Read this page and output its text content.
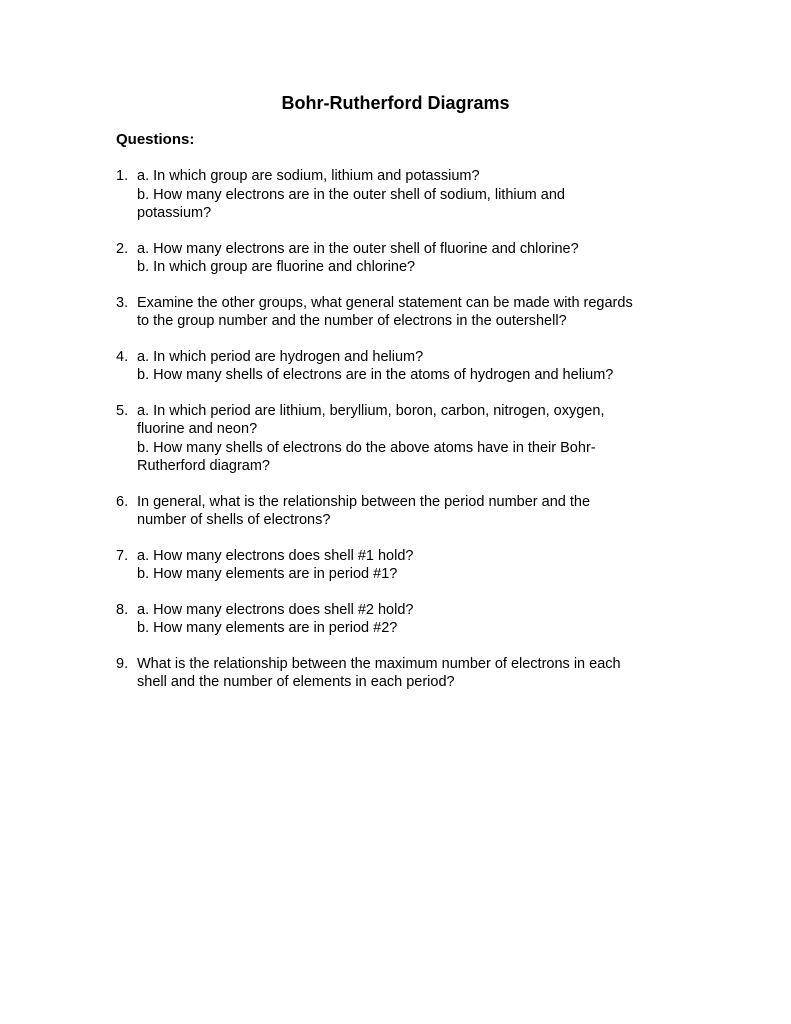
Bohr-Rutherford Diagrams
Questions:
1. a. In which group are sodium, lithium and potassium?
b. How many electrons are in the outer shell of sodium, lithium and
potassium?
2. a. How many electrons are in the outer shell of fluorine and chlorine?
b. In which group are fluorine and chlorine?
3. Examine the other groups, what general statement can be made with regards
to the group number and the number of electrons in the outershell?
4. a. In which period are hydrogen and helium?
b. How many shells of electrons are in the atoms of hydrogen and helium?
5. a. In which period are lithium, beryllium, boron, carbon, nitrogen, oxygen,
fluorine and neon?
b. How many shells of electrons do the above atoms have in their Bohr-
Rutherford diagram?
6. In general, what is the relationship between the period number and the
number of shells of electrons?
7. a. How many electrons does shell #1 hold?
b. How many elements are in period #1?
8. a. How many electrons does shell #2 hold?
b. How many elements are in period #2?
9. What is the relationship between the maximum number of electrons in each
shell and the number of elements in each period?
